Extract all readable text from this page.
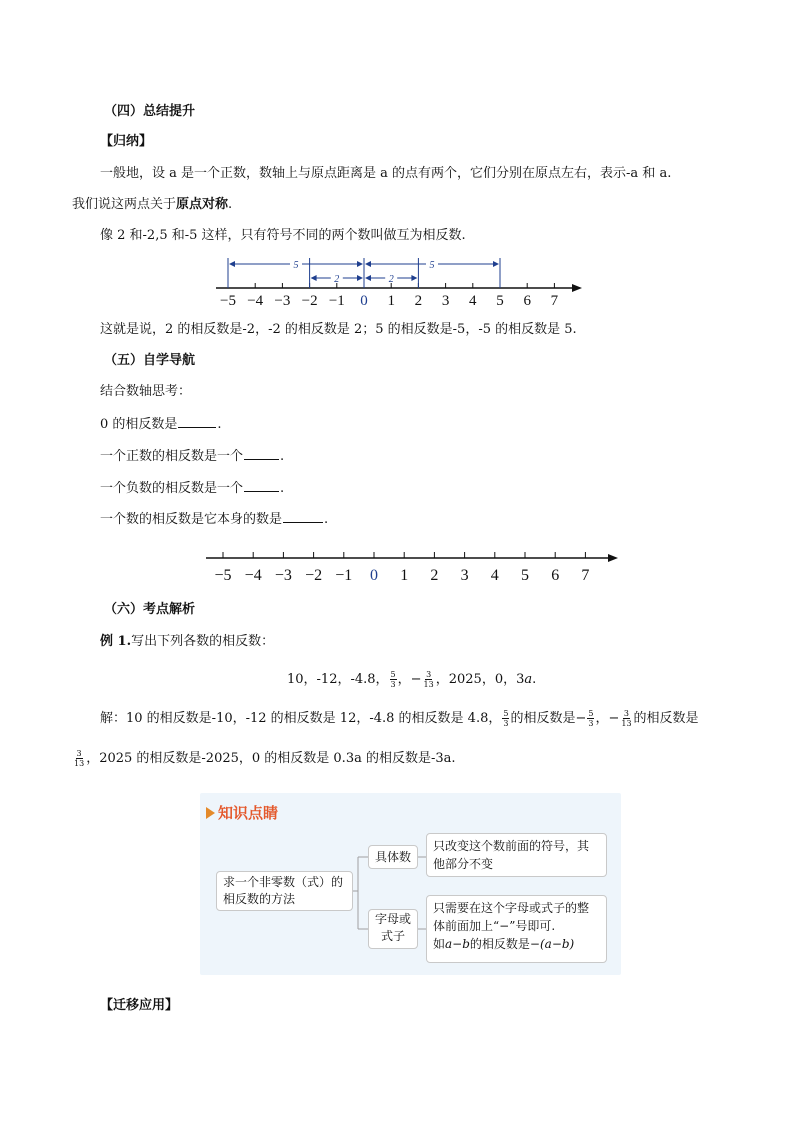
（四）总结提升
【归纳】
一般地，设 a 是一个正数，数轴上与原点距离是 a 的点有两个，它们分别在原点左右，表示-a 和 a.
我们说这两点关于原点对称.
像 2 和-2,5 和-5 这样，只有符号不同的两个数叫做互为相反数.
−5 −4 −3 −2 −1 0 1 2 3 4 5 6 7
5
2	2
5
这就是说，2 的相反数是-2，-2 的相反数是 2；5 的相反数是-5，-5 的相反数是 5.
（五）自学导航
结合数轴思考：
0 的相反数是	.
一个正数的相反数是一个	.
一个负数的相反数是一个	.
一个数的相反数是它本身的数是	.
−5 −4 −3 −2 −1 0 1 2 3 4 5 6 7
（六）考点解析
例 1.写出下列各数的相反数：
10，-12，-4.8， $\frac{5}{3}$ ，− $\frac{3}{13}$ ，2025，0，3a.
解：10 的相反数是-10，-12 的相反数是 12，-4.8 的相反数是 4.8， $\frac{5}{3}$ 的相反数是− $\frac{5}{3}$ ，− $\frac{3}{13}$ 的相反数是
$\frac{3}{13}$ ，2025 的相反数是-2025，0 的相反数是 0.3a 的相反数是-3a.
知识点睛
求一个非零数（式）的相反数的方法
具体数
只改变这个数前面的符号，其他部分不变
字母或式子
只需要在这个字母或式子的整体前面加上“−”号即可.
如a−b的相反数是−(a−b)
【迁移应用】
